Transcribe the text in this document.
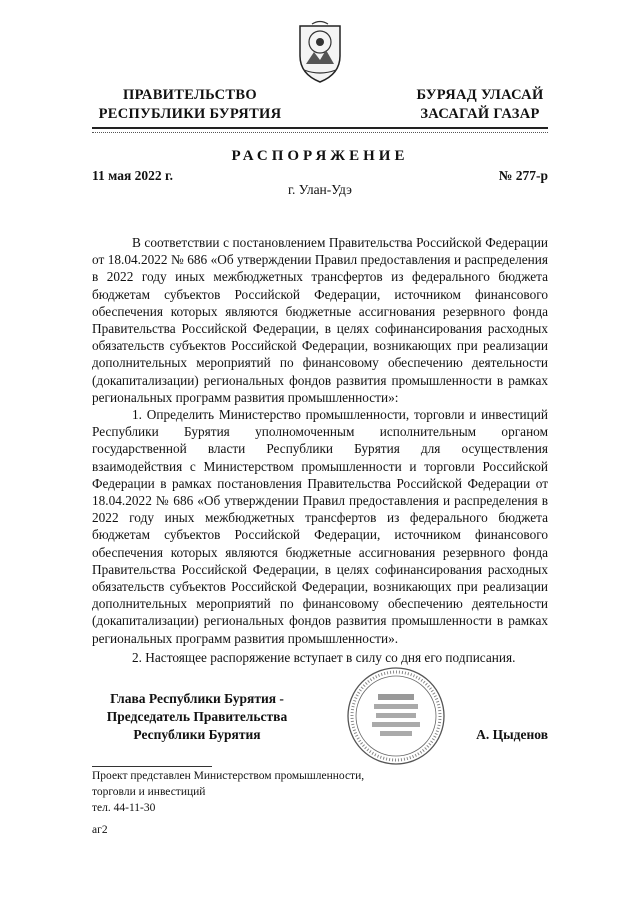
ПРАВИТЕЛЬСТВО
РЕСПУБЛИКИ БУРЯТИЯ
БУРЯАД УЛАСАЙ
ЗАСАГАЙ ГАЗАР
РАСПОРЯЖЕНИЕ
11 мая 2022 г.	№ 277-р
г. Улан-Удэ

В соответствии с постановлением Правительства Российской Федерации от 18.04.2022 № 686 «Об утверждении Правил предоставления и распределения в 2022 году иных межбюджетных трансфертов из федерального бюджета бюджетам субъектов Российской Федерации, источником финансового обеспечения которых являются бюджетные ассигнования резервного фонда Правительства Российской Федерации, в целях софинансирования расходных обязательств субъектов Российской Федерации, возникающих при реализации дополнительных мероприятий по финансовому обеспечению деятельности (докапитализации) региональных фондов развития промышленности в рамках региональных программ развития промышленности»:

1. Определить Министерство промышленности, торговли и инвестиций Республики Бурятия уполномоченным исполнительным органом государственной власти Республики Бурятия для осуществления взаимодействия с Министерством промышленности и торговли Российской Федерации в рамках постановления Правительства Российской Федерации от 18.04.2022 № 686 «Об утверждении Правил предоставления и распределения в 2022 году иных межбюджетных трансфертов из федерального бюджета бюджетам субъектов Российской Федерации, источником финансового обеспечения которых являются бюджетные ассигнования резервного фонда Правительства Российской Федерации, в целях софинансирования расходных обязательств субъектов Российской Федерации, возникающих при реализации дополнительных мероприятий по финансовому обеспечению деятельности (докапитализации) региональных фондов развития промышленности в рамках региональных программ развития промышленности».

2. Настоящее распоряжение вступает в силу со дня его подписания.

Глава Республики Бурятия -
Председатель Правительства
Республики Бурятия	А. Цыденов
Проект представлен Министерством промышленности,
торговли и инвестиций
тел. 44-11-30
аг2
